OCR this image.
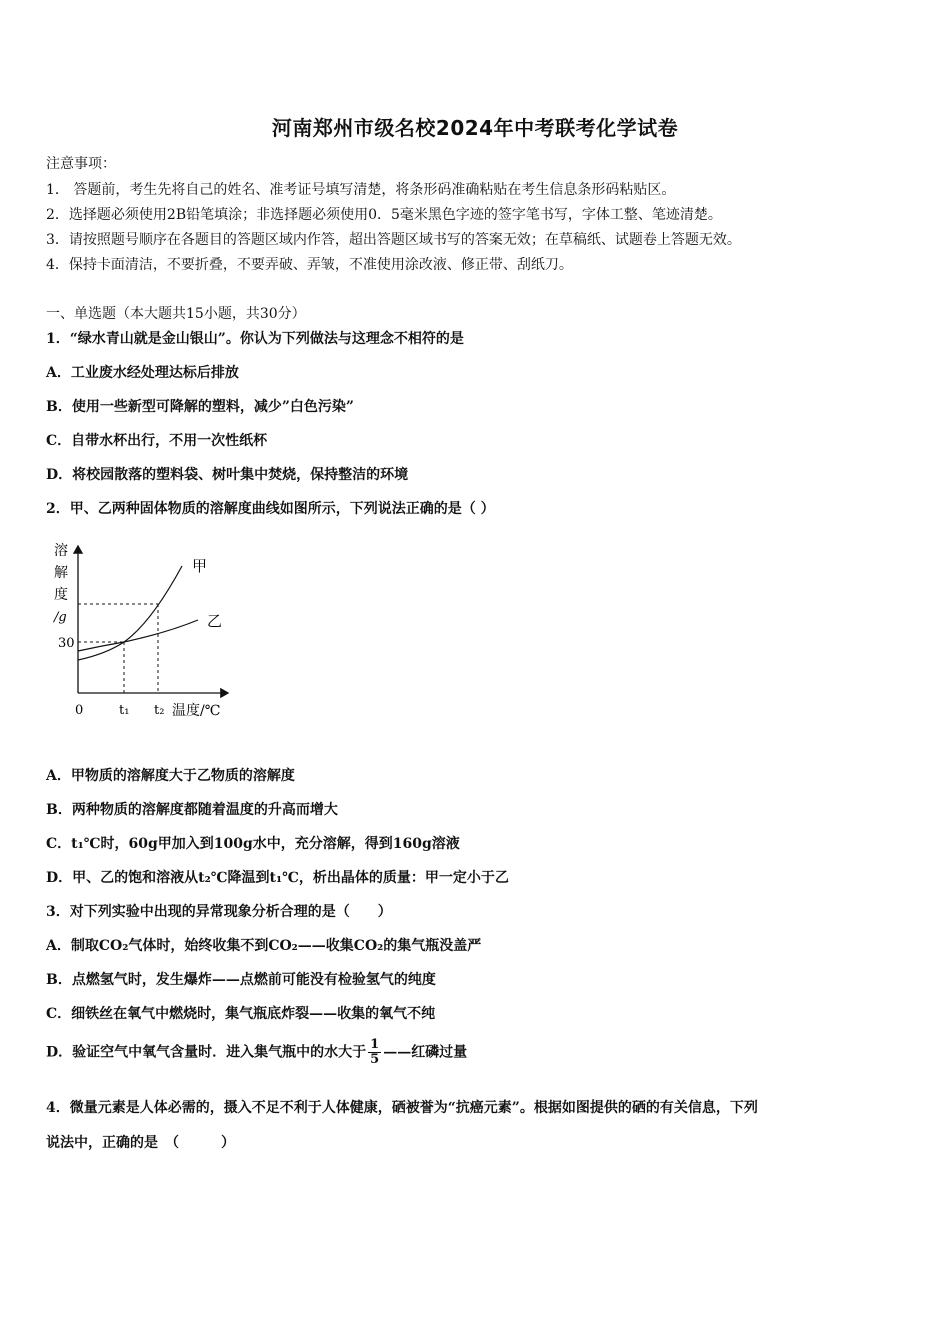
河南郑州市级名校2024年中考联考化学试卷
注意事项：
1． 答题前，考生先将自己的姓名、准考证号填写清楚，将条形码准确粘贴在考生信息条形码粘贴区。
2．选择题必须使用2B铅笔填涂；非选择题必须使用0．5毫米黑色字迹的签字笔书写，字体工整、笔迹清楚。
3．请按照题号顺序在各题目的答题区域内作答，超出答题区域书写的答案无效；在草稿纸、试题卷上答题无效。
4．保持卡面清洁，不要折叠，不要弄破、弄皱，不准使用涂改液、修正带、刮纸刀。
一、单选题（本大题共15小题，共30分）
1．“绿水青山就是金山银山”。你认为下列做法与这理念不相符的是
A．工业废水经处理达标后排放
B．使用一些新型可降解的塑料，减少”白色污染”
C．自带水杯出行，不用一次性纸杯
D．将校园散落的塑料袋、树叶集中焚烧，保持整洁的环境
2．甲、乙两种固体物质的溶解度曲线如图所示，下列说法正确的是（ ）
溶
解
度
/g
30
0	t₁ t₂ 温度/℃
甲
乙
A．甲物质的溶解度大于乙物质的溶解度
B．两种物质的溶解度都随着温度的升高而增大
C．t₁℃时，60g甲加入到100g水中，充分溶解，得到160g溶液
D．甲、乙的饱和溶液从t₂℃降温到t₁℃，析出晶体的质量：甲一定小于乙
3．对下列实验中出现的异常现象分析合理的是（　　）
A．制取CO₂气体时，始终收集不到CO₂——收集CO₂的集气瓶没盖严
B．点燃氢气时，发生爆炸——点燃前可能没有检验氢气的纯度
C．细铁丝在氧气中燃烧时，集气瓶底炸裂——收集的氧气不纯
D．验证空气中氧气含量时．进入集气瓶中的水大于 $\frac{1}{5}$ ——红磷过量
4．微量元素是人体必需的，摄入不足不利于人体健康，硒被誉为“抗癌元素”。根据如图提供的硒的有关信息，下列
说法中，正确的是　（　　　）
